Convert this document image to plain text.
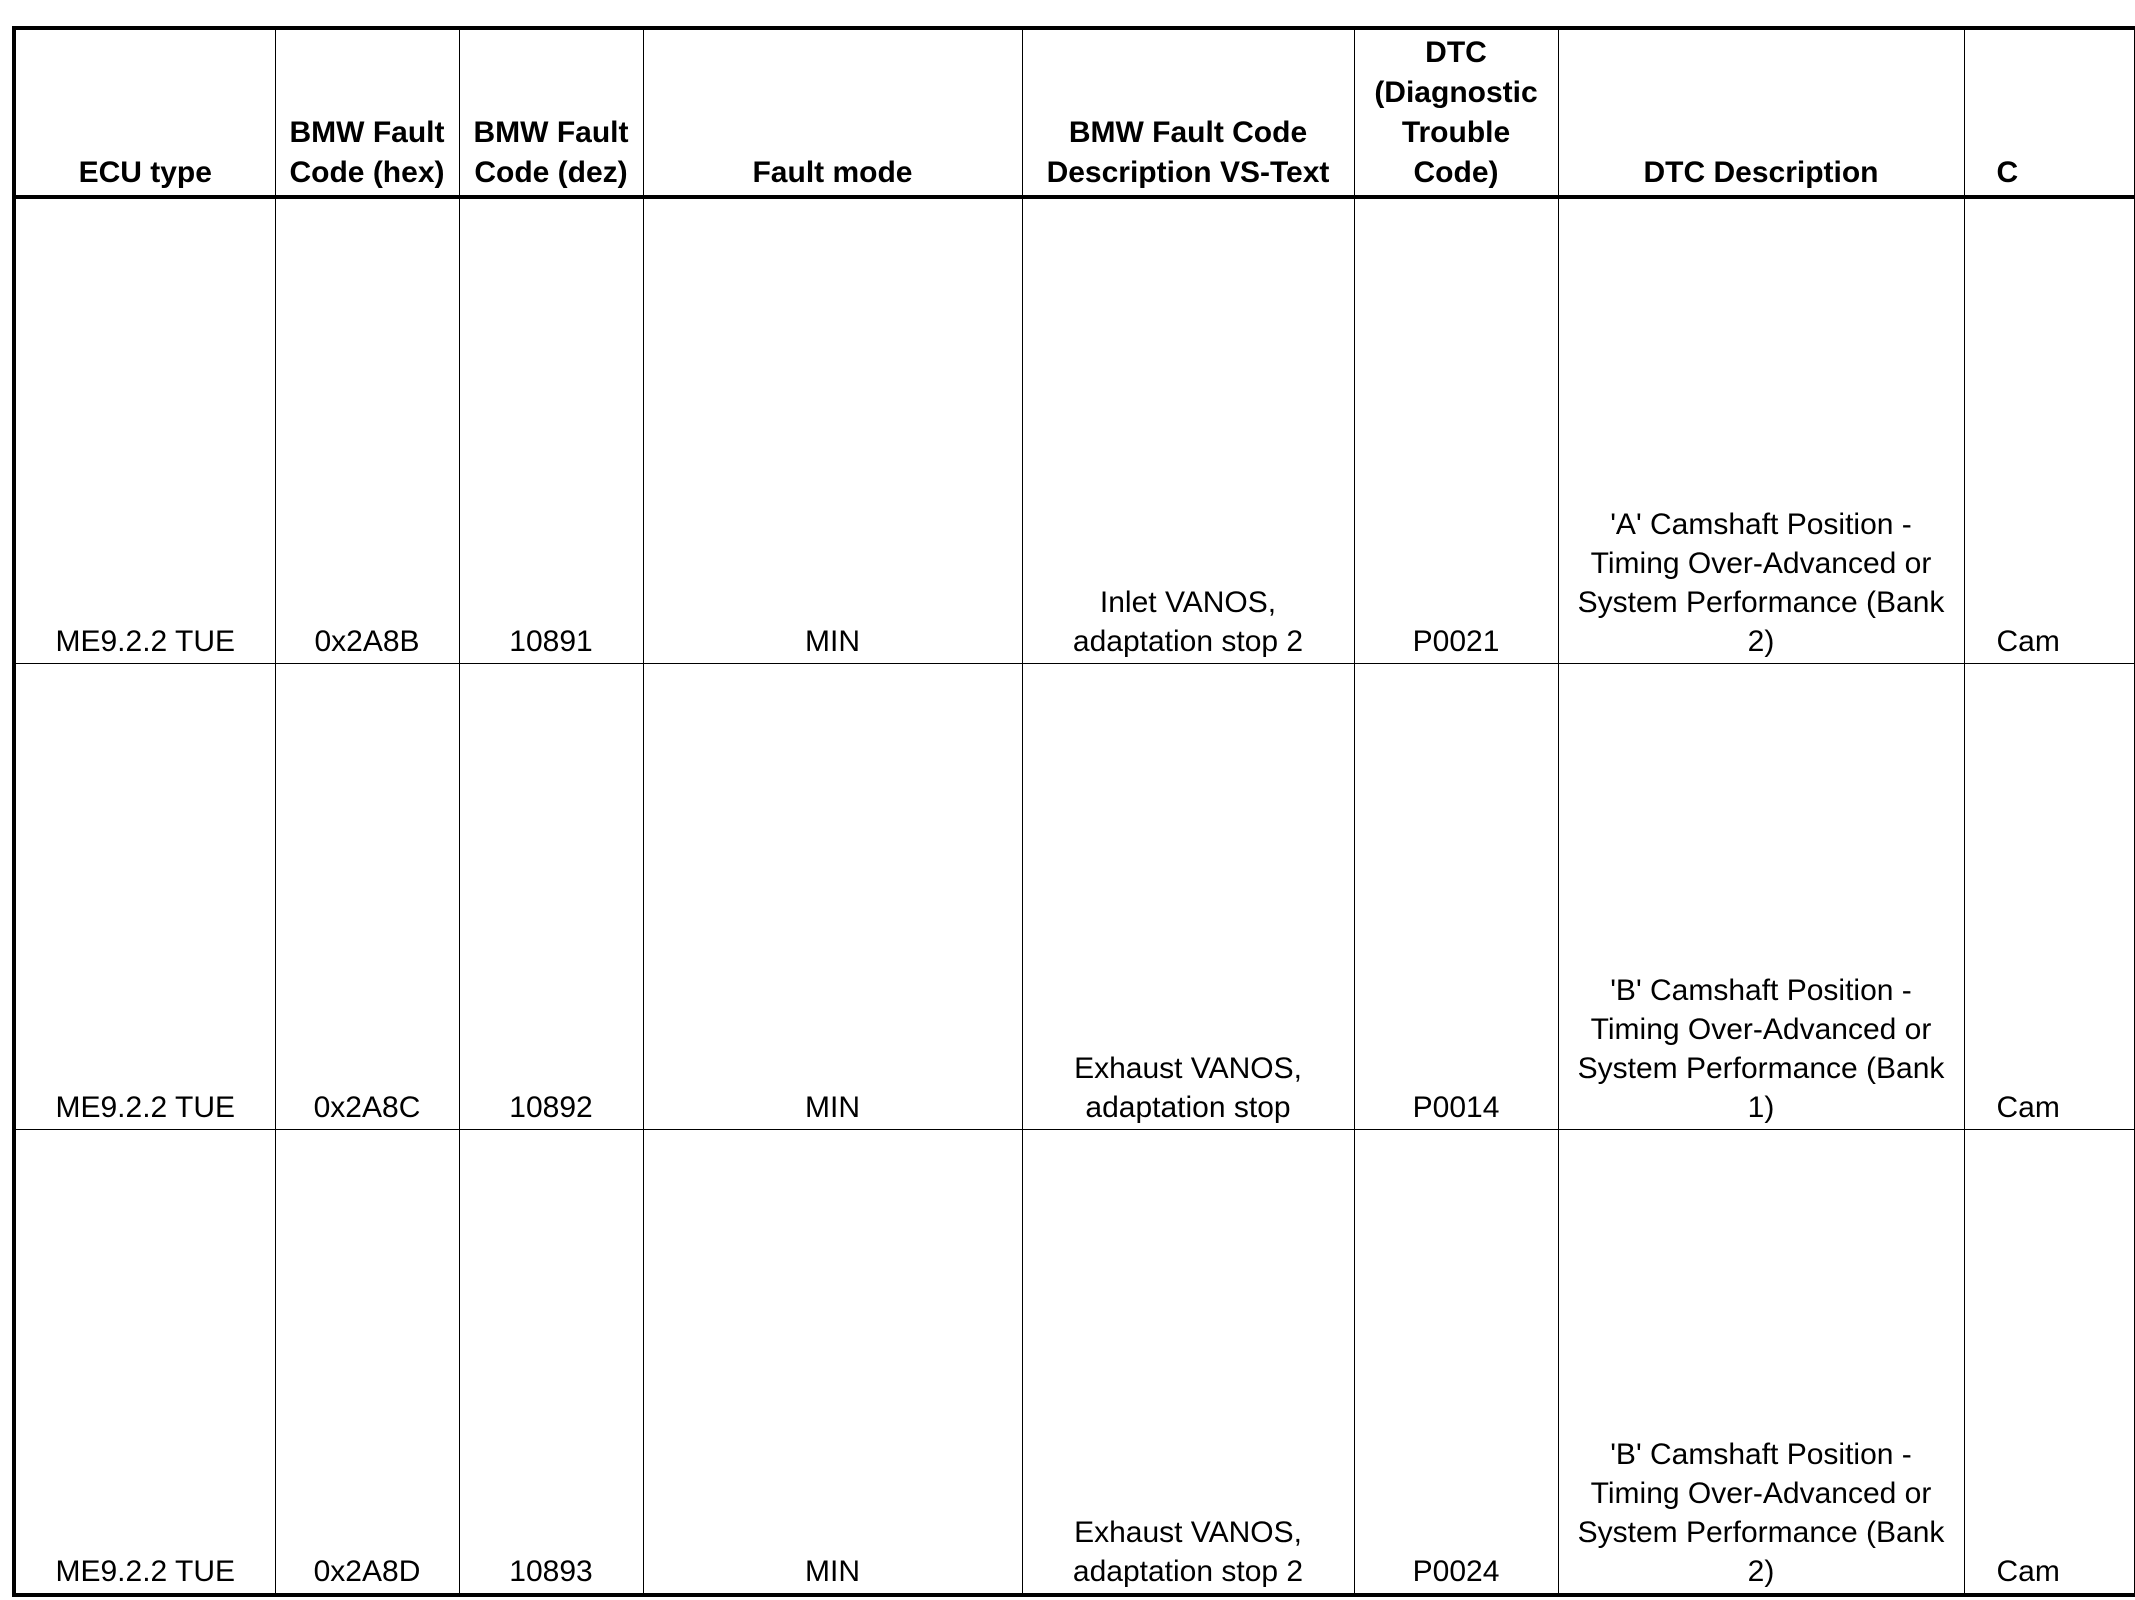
ECU type	BMW Fault Code (hex)	BMW Fault Code (dez)	Fault mode	BMW Fault Code Description VS-Text	DTC (Diagnostic Trouble Code)	DTC Description	C
ME9.2.2 TUE	0x2A8B	10891	MIN	Inlet VANOS, adaptation stop 2	P0021	'A' Camshaft Position - Timing Over-Advanced or System Performance (Bank 2)	Cam
ME9.2.2 TUE	0x2A8C	10892	MIN	Exhaust VANOS, adaptation stop	P0014	'B' Camshaft Position - Timing Over-Advanced or System Performance (Bank 1)	Cam
ME9.2.2 TUE	0x2A8D	10893	MIN	Exhaust VANOS, adaptation stop 2	P0024	'B' Camshaft Position - Timing Over-Advanced or System Performance (Bank 2)	Cam
